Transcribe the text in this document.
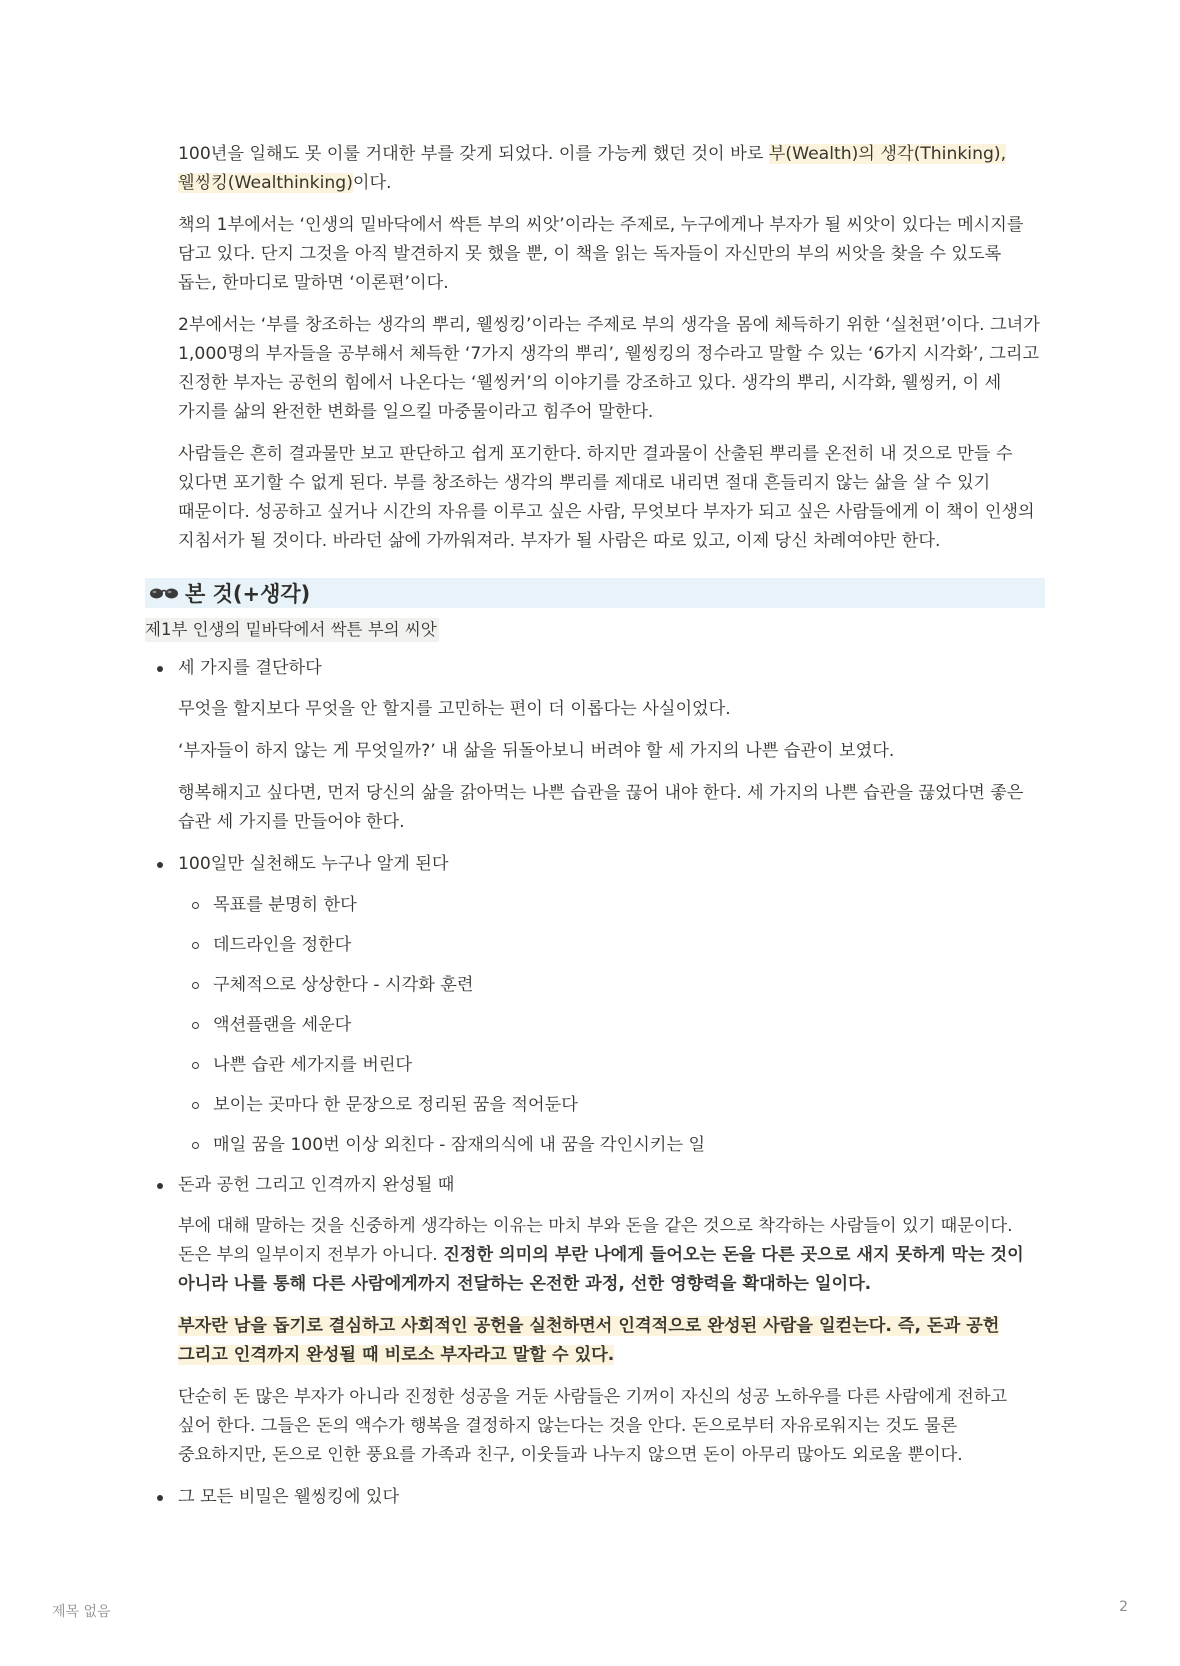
100년을 일해도 못 이룰 거대한 부를 갖게 되었다. 이를 가능케 했던 것이 바로 부(Wealth)의 생각(Thinking), 웰씽킹(Wealthinking)이다.

책의 1부에서는 ‘인생의 밑바닥에서 싹튼 부의 씨앗’이라는 주제로, 누구에게나 부자가 될 씨앗이 있다는 메시지를 담고 있다. 단지 그것을 아직 발견하지 못 했을 뿐, 이 책을 읽는 독자들이 자신만의 부의 씨앗을 찾을 수 있도록 돕는, 한마디로 말하면 ‘이론편’이다.

2부에서는 ‘부를 창조하는 생각의 뿌리, 웰씽킹’이라는 주제로 부의 생각을 몸에 체득하기 위한 ‘실천편’이다. 그녀가 1,000명의 부자들을 공부해서 체득한 ‘7가지 생각의 뿌리’, 웰씽킹의 정수라고 말할 수 있는 ‘6가지 시각화’, 그리고 진정한 부자는 공헌의 힘에서 나온다는 ‘웰씽커’의 이야기를 강조하고 있다. 생각의 뿌리, 시각화, 웰씽커, 이 세 가지를 삶의 완전한 변화를 일으킬 마중물이라고 힘주어 말한다.

사람들은 흔히 결과물만 보고 판단하고 쉽게 포기한다. 하지만 결과물이 산출된 뿌리를 온전히 내 것으로 만들 수 있다면 포기할 수 없게 된다. 부를 창조하는 생각의 뿌리를 제대로 내리면 절대 흔들리지 않는 삶을 살 수 있기 때문이다. 성공하고 싶거나 시간의 자유를 이루고 싶은 사람, 무엇보다 부자가 되고 싶은 사람들에게 이 책이 인생의 지침서가 될 것이다. 바라던 삶에 가까워져라. 부자가 될 사람은 따로 있고, 이제 당신 차례여야만 한다.

본 것(+생각)
제1부 인생의 밑바닥에서 싹튼 부의 씨앗
세 가지를 결단하다

무엇을 할지보다 무엇을 안 할지를 고민하는 편이 더 이롭다는 사실이었다.

‘부자들이 하지 않는 게 무엇일까?’ 내 삶을 뒤돌아보니 버려야 할 세 가지의 나쁜 습관이 보였다.

행복해지고 싶다면, 먼저 당신의 삶을 갉아먹는 나쁜 습관을 끊어 내야 한다. 세 가지의 나쁜 습관을 끊었다면 좋은 습관 세 가지를 만들어야 한다.

100일만 실천해도 누구나 알게 된다
목표를 분명히 한다
데드라인을 정한다
구체적으로 상상한다 - 시각화 훈련
액션플랜을 세운다
나쁜 습관 세가지를 버린다
보이는 곳마다 한 문장으로 정리된 꿈을 적어둔다
매일 꿈을 100번 이상 외친다 - 잠재의식에 내 꿈을 각인시키는 일
돈과 공헌 그리고 인격까지 완성될 때

부에 대해 말하는 것을 신중하게 생각하는 이유는 마치 부와 돈을 같은 것으로 착각하는 사람들이 있기 때문이다. 돈은 부의 일부이지 전부가 아니다. 진정한 의미의 부란 나에게 들어오는 돈을 다른 곳으로 새지 못하게 막는 것이 아니라 나를 통해 다른 사람에게까지 전달하는 온전한 과정, 선한 영향력을 확대하는 일이다.

부자란 남을 돕기로 결심하고 사회적인 공헌을 실천하면서 인격적으로 완성된 사람을 일컫는다. 즉, 돈과 공헌 그리고 인격까지 완성될 때 비로소 부자라고 말할 수 있다.

단순히 돈 많은 부자가 아니라 진정한 성공을 거둔 사람들은 기꺼이 자신의 성공 노하우를 다른 사람에게 전하고 싶어 한다. 그들은 돈의 액수가 행복을 결정하지 않는다는 것을 안다. 돈으로부터 자유로워지는 것도 물론 중요하지만, 돈으로 인한 풍요를 가족과 친구, 이웃들과 나누지 않으면 돈이 아무리 많아도 외로울 뿐이다.

그 모든 비밀은 웰씽킹에 있다
제목 없음	2
